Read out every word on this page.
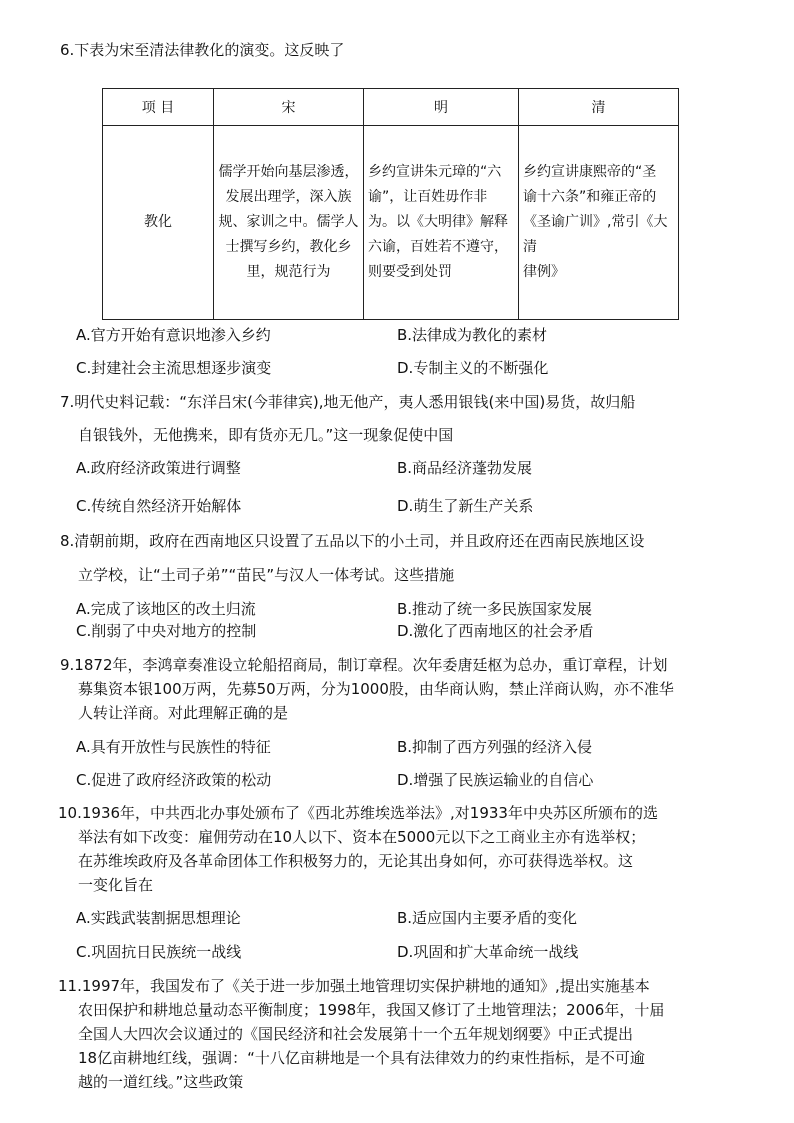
6.下表为宋至清法律教化的演变。这反映了
项 目	宋	明	清
教化	儒学开始向基层渗透，
发展出理学，深入族
规、家训之中。儒学人
士撰写乡约，教化乡
里，规范行为	乡约宣讲朱元璋的“六
谕”，让百姓毋作非
为。以《大明律》解释
六谕，百姓若不遵守，
则要受到处罚	乡约宣讲康熙帝的“圣
谕十六条”和雍正帝的
《圣谕广训》,常引《大清
律例》
A.官方开始有意识地渗入乡约	B.法律成为教化的素材
C.封建社会主流思想逐步演变	D.专制主义的不断强化
7.明代史料记载：“东洋吕宋(今菲律宾),地无他产，夷人悉用银钱(来中国)易货，故归船
自银钱外，无他携来，即有货亦无几。”这一现象促使中国
A.政府经济政策进行调整	B.商品经济蓬勃发展
C.传统自然经济开始解体	D.萌生了新生产关系
8.清朝前期，政府在西南地区只设置了五品以下的小土司，并且政府还在西南民族地区设
立学校，让“土司子弟”“苗民”与汉人一体考试。这些措施
A.完成了该地区的改土归流	B.推动了统一多民族国家发展
C.削弱了中央对地方的控制	D.激化了西南地区的社会矛盾
9.1872年，李鸿章奏准设立轮船招商局，制订章程。次年委唐廷枢为总办，重订章程，计划
募集资本银100万两，先募50万两，分为1000股，由华商认购，禁止洋商认购，亦不准华
人转让洋商。对此理解正确的是
A.具有开放性与民族性的特征	B.抑制了西方列强的经济入侵
C.促进了政府经济政策的松动	D.增强了民族运输业的自信心
10.1936年，中共西北办事处颁布了《西北苏维埃选举法》,对1933年中央苏区所颁布的选
举法有如下改变：雇佣劳动在10人以下、资本在5000元以下之工商业主亦有选举权；
在苏维埃政府及各革命团体工作积极努力的，无论其出身如何，亦可获得选举权。这
一变化旨在
A.实践武装割据思想理论	B.适应国内主要矛盾的变化
C.巩固抗日民族统一战线	D.巩固和扩大革命统一战线
11.1997年，我国发布了《关于进一步加强土地管理切实保护耕地的通知》,提出实施基本
农田保护和耕地总量动态平衡制度；1998年，我国又修订了土地管理法；2006年，十届
全国人大四次会议通过的《国民经济和社会发展第十一个五年规划纲要》中正式提出
18亿亩耕地红线，强调：“十八亿亩耕地是一个具有法律效力的约束性指标，是不可逾
越的一道红线。”这些政策
